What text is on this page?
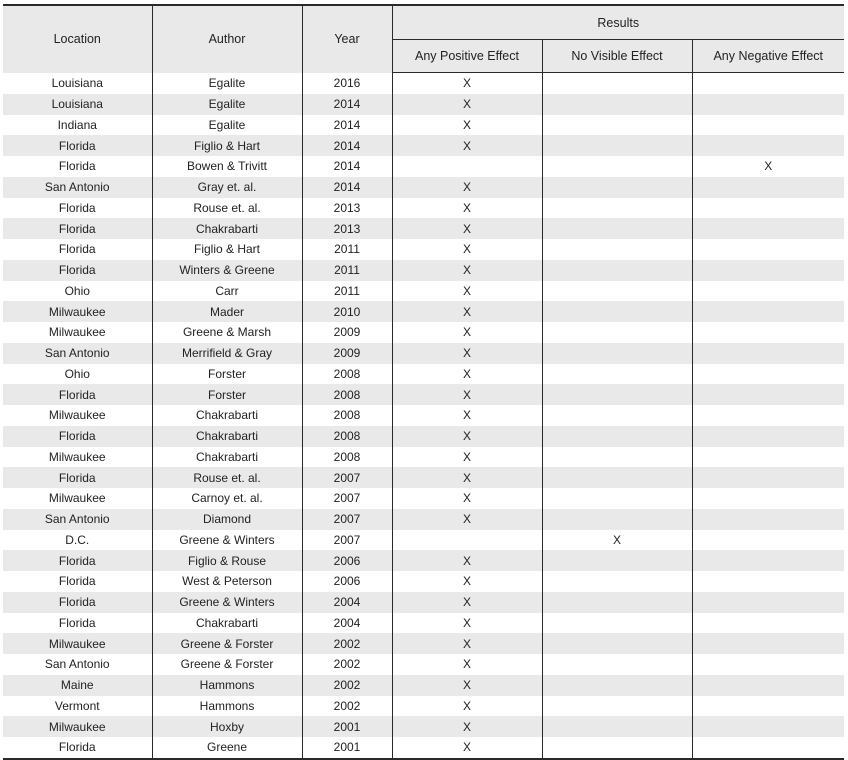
Location	Author	Year	Results		
			Any Positive Effect	No Visible Effect	Any Negative Effect
Louisiana	Egalite	2016	X		
Louisiana	Egalite	2014	X		
Indiana	Egalite	2014	X		
Florida	Figlio & Hart	2014	X		
Florida	Bowen & Trivitt	2014			X
San Antonio	Gray et. al.	2014	X		
Florida	Rouse et. al.	2013	X		
Florida	Chakrabarti	2013	X		
Florida	Figlio & Hart	2011	X		
Florida	Winters & Greene	2011	X		
Ohio	Carr	2011	X		
Milwaukee	Mader	2010	X		
Milwaukee	Greene & Marsh	2009	X		
San Antonio	Merrifield & Gray	2009	X		
Ohio	Forster	2008	X		
Florida	Forster	2008	X		
Milwaukee	Chakrabarti	2008	X		
Florida	Chakrabarti	2008	X		
Milwaukee	Chakrabarti	2008	X		
Florida	Rouse et. al.	2007	X		
Milwaukee	Carnoy et. al.	2007	X		
San Antonio	Diamond	2007	X		
D.C.	Greene & Winters	2007		X	
Florida	Figlio & Rouse	2006	X		
Florida	West & Peterson	2006	X		
Florida	Greene & Winters	2004	X		
Florida	Chakrabarti	2004	X		
Milwaukee	Greene & Forster	2002	X		
San Antonio	Greene & Forster	2002	X		
Maine	Hammons	2002	X		
Vermont	Hammons	2002	X		
Milwaukee	Hoxby	2001	X		
Florida	Greene	2001	X		
